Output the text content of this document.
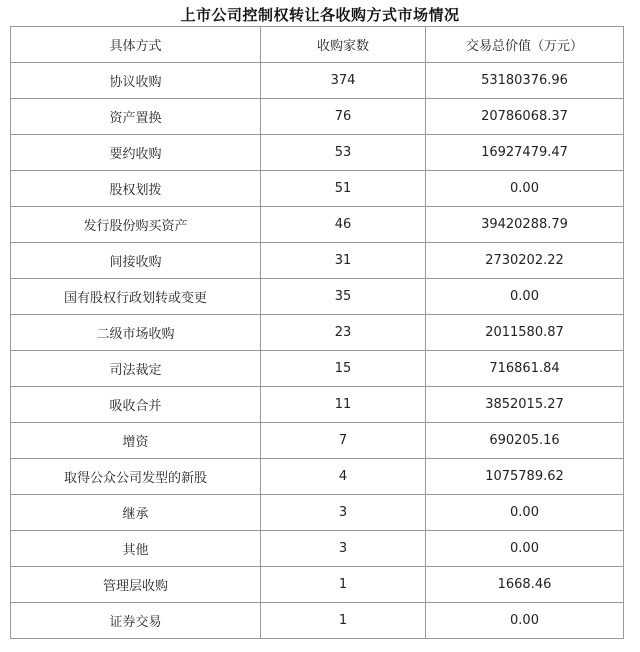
上市公司控制权转让各收购方式市场情况
具体方式	收购家数	交易总价值（万元）
协议收购	374	53180376.96
资产置换	76	20786068.37
要约收购	53	16927479.47
股权划拨	51	0.00
发行股份购买资产	46	39420288.79
间接收购	31	2730202.22
国有股权行政划转或变更	35	0.00
二级市场收购	23	2011580.87
司法裁定	15	716861.84
吸收合并	11	3852015.27
增资	7	690205.16
取得公众公司发型的新股	4	1075789.62
继承	3	0.00
其他	3	0.00
管理层收购	1	1668.46
证券交易	1	0.00
